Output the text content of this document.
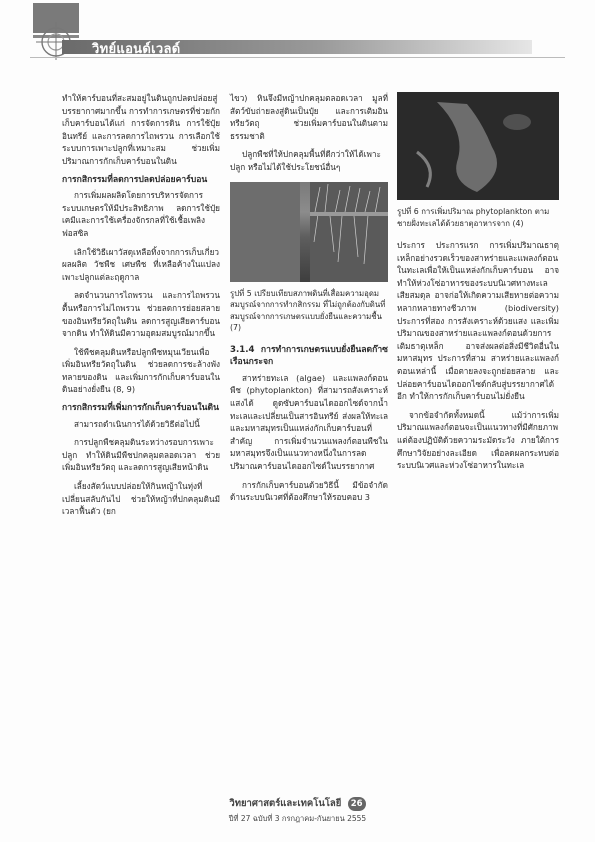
วิทย์แอนด์เวลด์

ทำให้คาร์บอนที่สะสมอยู่ในดินถูกปลดปล่อยสู่บรรยากาศมากขึ้น การทำการเกษตรที่ช่วยกักเก็บคาร์บอนได้แก่ การจัดการดิน การใช้ปุ๋ยอินทรีย์ และการลดการไถพรวน การเลือกใช้ระบบการเพาะปลูกที่เหมาะสม ช่วยเพิ่มปริมาณการกักเก็บคาร์บอนในดิน

การกสิกรรมที่ลดการปลดปล่อยคาร์บอน

การเพิ่มผลผลิตโดยการบริหารจัดการระบบเกษตรให้มีประสิทธิภาพ ลดการใช้ปุ๋ยเคมีและการใช้เครื่องจักรกลที่ใช้เชื้อเพลิงฟอสซิล

เลิกใช้วิธีเผาวัสดุเหลือทิ้งจากการเก็บเกี่ยวผลผลิต วัชพืช เศษพืช ที่เหลือค้างในแปลงเพาะปลูกแต่ละฤดูกาล

ลดจำนวนการไถพรวน และการไถพรวนตื้นหรือการไม่ไถพรวน ช่วยลดการย่อยสลายของอินทรียวัตถุในดิน ลดการสูญเสียคาร์บอนจากดิน ทำให้ดินมีความอุดมสมบูรณ์มากขึ้น

ใช้พืชคลุมดินหรือปลูกพืชหมุนเวียนเพื่อเพิ่มอินทรียวัตถุในดิน ช่วยลดการชะล้างพังทลายของดิน และเพิ่มการกักเก็บคาร์บอนในดินอย่างยั่งยืน (8, 9)

การกสิกรรมที่เพิ่มการกักเก็บคาร์บอนในดิน

สามารถดำเนินการได้ด้วยวิธีต่อไปนี้

การปลูกพืชคลุมดินระหว่างรอบการเพาะปลูก ทำให้ดินมีพืชปกคลุมตลอดเวลา ช่วยเพิ่มอินทรียวัตถุ และลดการสูญเสียหน้าดิน

เลี้ยงสัตว์แบบปล่อยให้กินหญ้าในทุ่งที่เปลี่ยนสลับกันไป ช่วยให้หญ้าที่ปกคลุมดินมีเวลาฟื้นตัว (ยก

ไขว) หินจึงมีหญ้าปกคลุมตลอดเวลา มูลที่สัตว์ขับถ่ายลงสู่ดินเป็นปุ๋ย และการเติมอินทรียวัตถุ ช่วยเพิ่มคาร์บอนในดินตามธรรมชาติ

ปลูกพืชที่ให้ปกคลุมพื้นที่ดีกว่าให้ได้เพาะปลูก หรือไม่ได้ใช้ประโยชน์อื่นๆ

รูปที่ 5 เปรียบเทียบสภาพดินที่เสื่อมความอุดมสมบูรณ์จากการทำกสิกรรม ที่ไม่ถูกต้องกับดินที่สมบูรณ์จากการเกษตรแบบยั่งยืนและความชื้น (7)
3.1.4 การทำการเกษตรแบบยั่งยืนลดก๊าซเรือนกระจก

สาหร่ายทะเล (algae) และแพลงก์ตอนพืช (phytoplankton) ที่สามารถสังเคราะห์แสงได้ ดูดซับคาร์บอนไดออกไซด์จากน้ำทะเลและเปลี่ยนเป็นสารอินทรีย์ ส่งผลให้ทะเลและมหาสมุทรเป็นแหล่งกักเก็บคาร์บอนที่สำคัญ การเพิ่มจำนวนแพลงก์ตอนพืชในมหาสมุทรจึงเป็นแนวทางหนึ่งในการลดปริมาณคาร์บอนไดออกไซด์ในบรรยากาศ

การกักเก็บคาร์บอนด้วยวิธีนี้ มีข้อจำกัดด้านระบบนิเวศที่ต้องศึกษาให้รอบคอบ 3

รูปที่ 6 การเพิ่มปริมาณ phytoplankton ตามชายฝั่งทะเลได้ด้วยธาตุอาหารจาก (4)

ประการ ประการแรก การเพิ่มปริมาณธาตุเหล็กอย่างรวดเร็วของสาหร่ายและแพลงก์ตอนในทะเลเพื่อให้เป็นแหล่งกักเก็บคาร์บอน อาจทำให้ห่วงโซ่อาหารของระบบนิเวศทางทะเลเสียสมดุล อาจก่อให้เกิดความเสียหายต่อความหลากหลายทางชีวภาพ (biodiversity) ประการที่สอง การสังเคราะห์ด้วยแสง และเพิ่มปริมาณของสาหร่ายและแพลงก์ตอนด้วยการเติมธาตุเหล็ก อาจส่งผลต่อสิ่งมีชีวิตอื่นในมหาสมุทร ประการที่สาม สาหร่ายและแพลงก์ตอนเหล่านี้ เมื่อตายลงจะถูกย่อยสลาย และปล่อยคาร์บอนไดออกไซด์กลับสู่บรรยากาศได้อีก ทำให้การกักเก็บคาร์บอนไม่ยั่งยืน

จากข้อจำกัดทั้งหมดนี้ แม้ว่าการเพิ่มปริมาณแพลงก์ตอนจะเป็นแนวทางที่มีศักยภาพ แต่ต้องปฏิบัติด้วยความระมัดระวัง ภายใต้การศึกษาวิจัยอย่างละเอียด เพื่อลดผลกระทบต่อระบบนิเวศและห่วงโซ่อาหารในทะเล

วิทยาศาสตร์และเทคโนโลยี 26
ปีที่ 27 ฉบับที่ 3 กรกฎาคม-กันยายน 2555
